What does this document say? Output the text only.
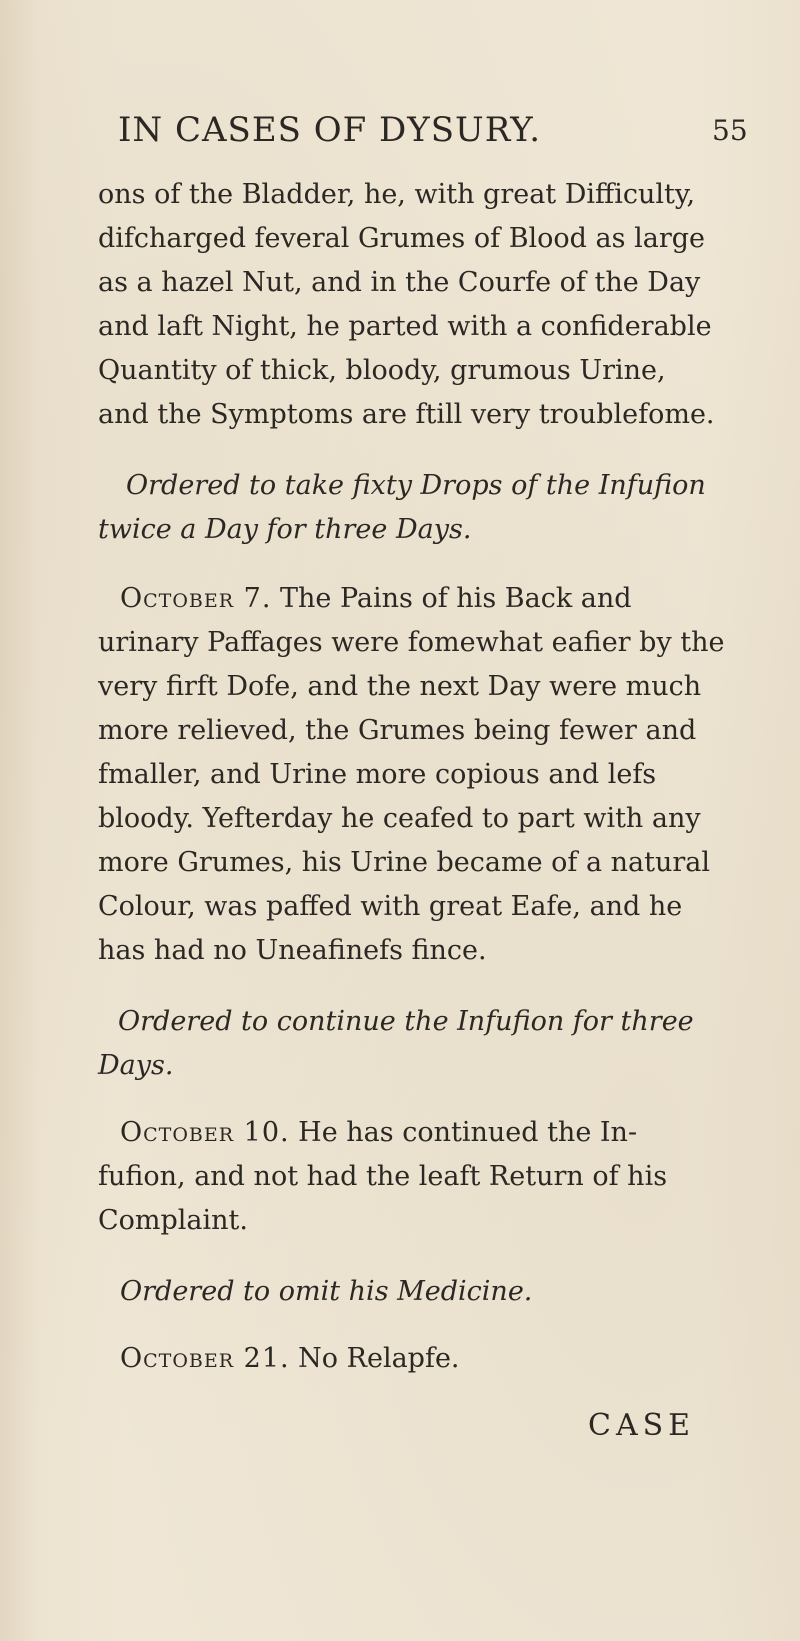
IN CASES OF DYSURY.	55
ons of the Bladder, he, with great Difficulty,
difcharged feveral Grumes of Blood as large
as a hazel Nut, and in the Courfe of the Day
and laft Night, he parted with a confiderable
Quantity of thick, bloody, grumous Urine,
and the Symptoms are ftill very troublefome.
Ordered to take fixty Drops of the Infufion
twice a Day for three Days.
October 7. The Pains of his Back and
urinary Paffages were fomewhat eafier by the
very firft Dofe, and the next Day were much
more relieved, the Grumes being fewer and
fmaller, and Urine more copious and lefs
bloody. Yefterday he ceafed to part with any
more Grumes, his Urine became of a natural
Colour, was paffed with great Eafe, and he
has had no Uneafinefs fince.
Ordered to continue the Infufion for three
Days.
October 10. He has continued the In-
fufion, and not had the leaft Return of his
Complaint.
Ordered to omit his Medicine.
October 21. No Relapfe.
CASE
